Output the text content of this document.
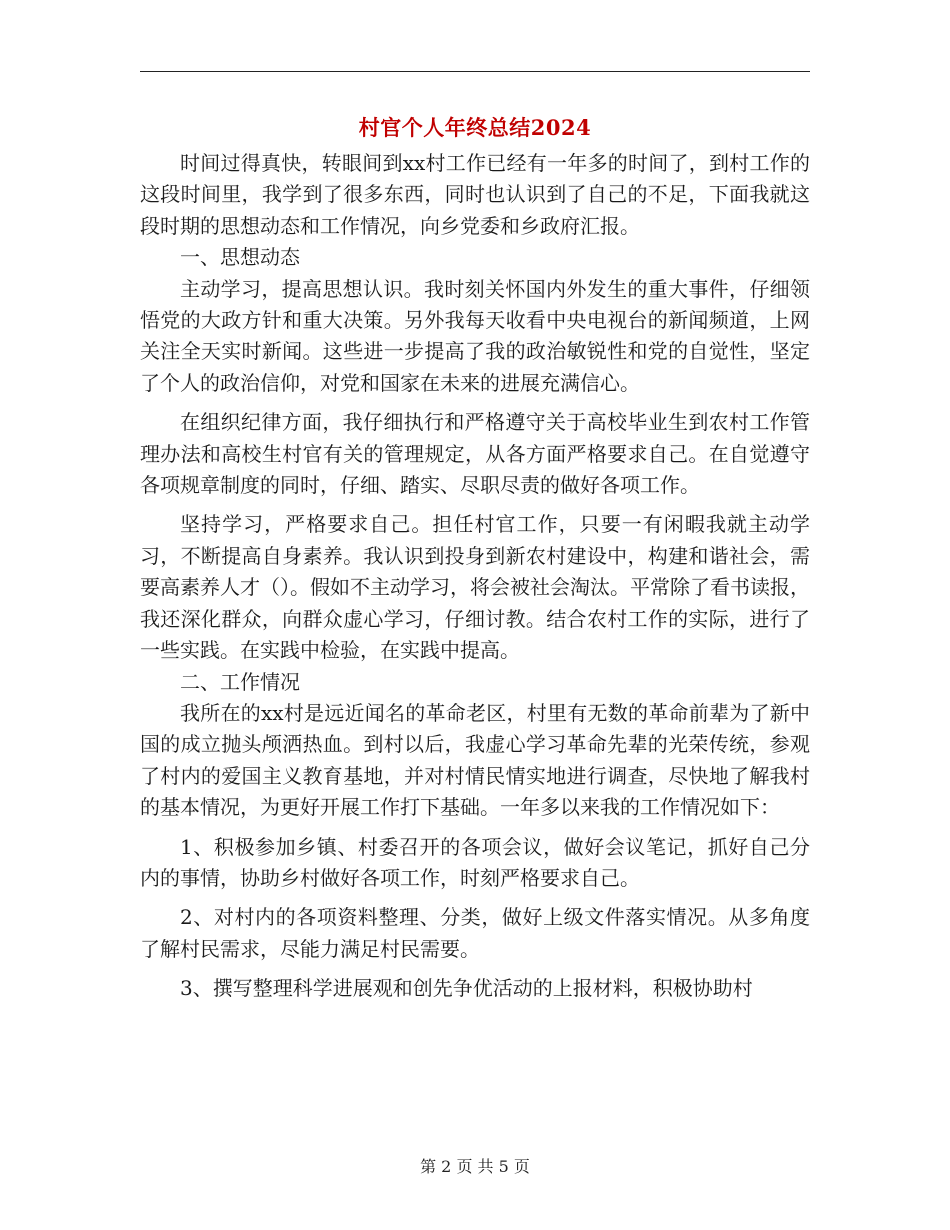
村官个人年终总结2024

时间过得真快，转眼间到xx村工作已经有一年多的时间了，到村工作的这段时间里，我学到了很多东西，同时也认识到了自己的不足，下面我就这段时期的思想动态和工作情况，向乡党委和乡政府汇报。

一、思想动态

主动学习，提高思想认识。我时刻关怀国内外发生的重大事件，仔细领悟党的大政方针和重大决策。另外我每天收看中央电视台的新闻频道，上网关注全天实时新闻。这些进一步提高了我的政治敏锐性和党的自觉性，坚定了个人的政治信仰，对党和国家在未来的进展充满信心。

在组织纪律方面，我仔细执行和严格遵守关于高校毕业生到农村工作管理办法和高校生村官有关的管理规定，从各方面严格要求自己。在自觉遵守各项规章制度的同时，仔细、踏实、尽职尽责的做好各项工作。

坚持学习，严格要求自己。担任村官工作，只要一有闲暇我就主动学习，不断提高自身素养。我认识到投身到新农村建设中，构建和谐社会，需要高素养人才（）。假如不主动学习，将会被社会淘汰。平常除了看书读报，我还深化群众，向群众虚心学习，仔细讨教。结合农村工作的实际，进行了一些实践。在实践中检验，在实践中提高。

二、工作情况

我所在的xx村是远近闻名的革命老区，村里有无数的革命前辈为了新中国的成立抛头颅洒热血。到村以后，我虚心学习革命先辈的光荣传统，参观了村内的爱国主义教育基地，并对村情民情实地进行调查，尽快地了解我村的基本情况，为更好开展工作打下基础。一年多以来我的工作情况如下：

1、积极参加乡镇、村委召开的各项会议，做好会议笔记，抓好自己分内的事情，协助乡村做好各项工作，时刻严格要求自己。

2、对村内的各项资料整理、分类，做好上级文件落实情况。从多角度了解村民需求，尽能力满足村民需要。

3、撰写整理科学进展观和创先争优活动的上报材料，积极协助村

第 2 页 共 5 页
